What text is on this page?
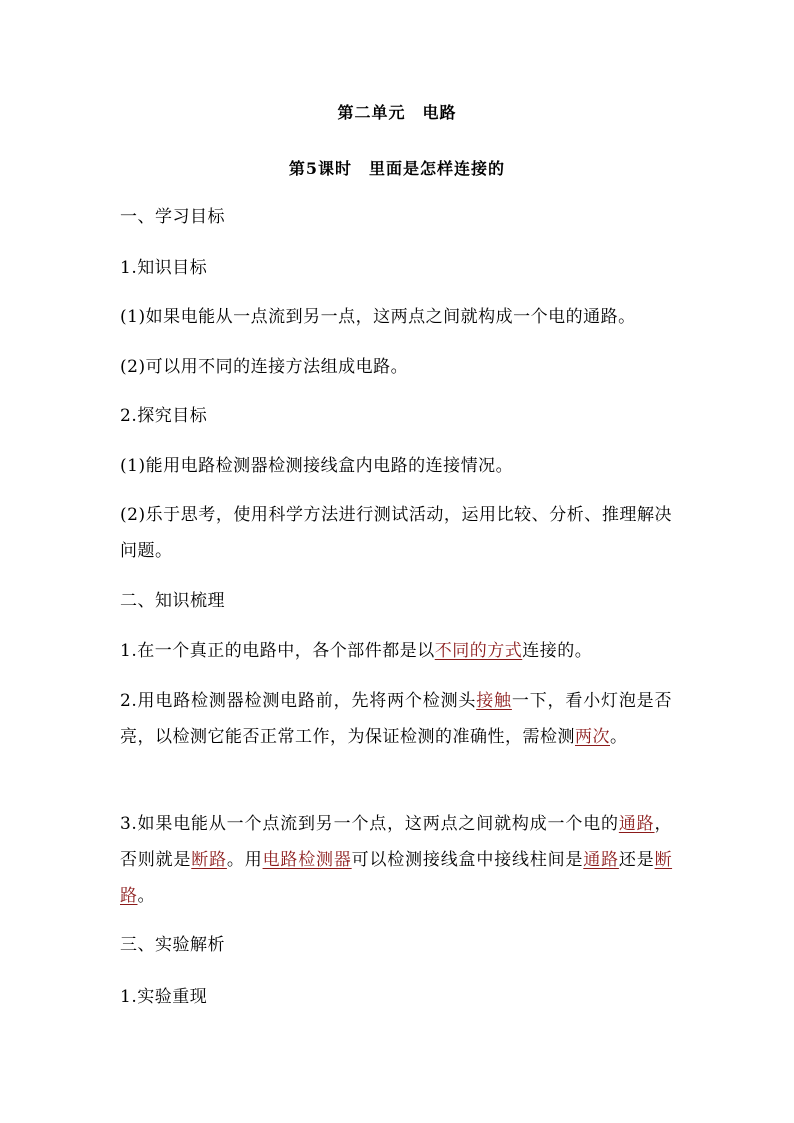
第二单元　电路
第5课时　里面是怎样连接的
一、学习目标
1.知识目标
(1)如果电能从一点流到另一点，这两点之间就构成一个电的通路。
(2)可以用不同的连接方法组成电路。
2.探究目标
(1)能用电路检测器检测接线盒内电路的连接情况。
(2)乐于思考，使用科学方法进行测试活动，运用比较、分析、推理解决问题。
二、知识梳理
1.在一个真正的电路中，各个部件都是以不同的方式连接的。
2.用电路检测器检测电路前，先将两个检测头接触一下，看小灯泡是否亮，以检测它能否正常工作，为保证检测的准确性，需检测两次。
3.如果电能从一个点流到另一个点，这两点之间就构成一个电的通路，否则就是断路。用电路检测器可以检测接线盒中接线柱间是通路还是断路。
三、实验解析
1.实验重现
